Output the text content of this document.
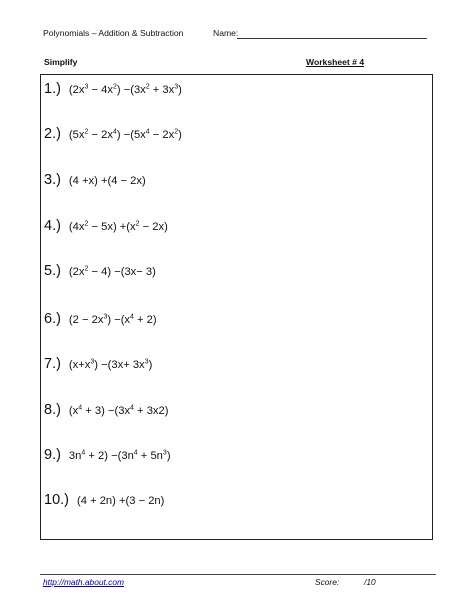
Polynomials – Addition & Subtraction	Name:
Simplify	Worksheet # 4
1.) $(2x^3 - 4x^2) -(3x^2 + 3x^3)$
2.) $(5x^2 - 2x^4) -(5x^4 - 2x^2)$
3.) (4 +x) +(4 − 2x)
4.) $(4x^2 - 5x) +(x^2 - 2x)$
5.) $(2x^2 - 4) -(3x- 3)$
6.) $(2 - 2x^3) -(x^4 + 2)$
7.) $(x+x^3) -(3x+ 3x^3)$
8.) $(x^4 + 3) -(3x^4 + 3x2)$
9.) $3n^4 + 2) -(3n^4 + 5n^3)$
10.) (4 + 2n) +(3 − 2n)
http://math.about.com	Score:	/10
